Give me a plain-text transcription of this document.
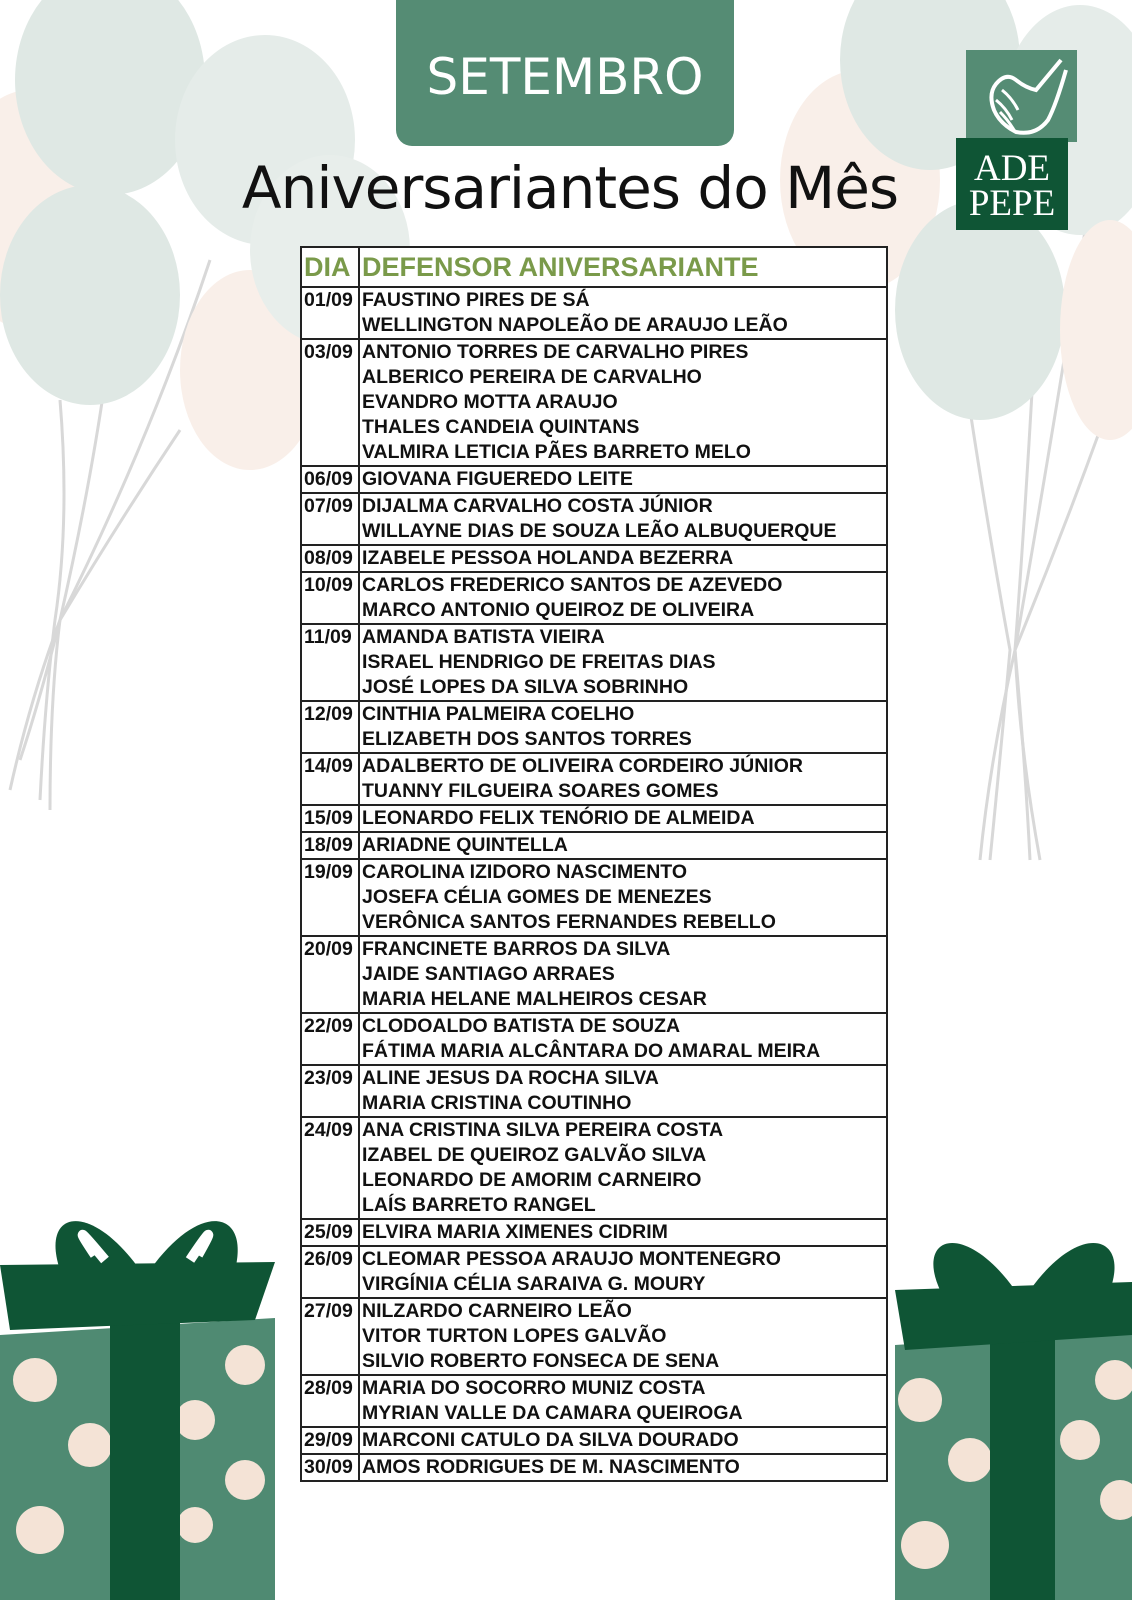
SETEMBRO
Aniversariantes do Mês	ADE
PEPE
DIA	DEFENSOR ANIVERSARIANTE
01/09	FAUSTINO PIRES DE SÁ
WELLINGTON NAPOLEÃO DE ARAUJO LEÃO

03/09	ANTONIO TORRES DE CARVALHO PIRES
ALBERICO PEREIRA DE CARVALHO
EVANDRO MOTTA ARAUJO
THALES CANDEIA QUINTANS
VALMIRA LETICIA PÃES BARRETO MELO

06/09	GIOVANA FIGUEREDO LEITE

07/09	DIJALMA CARVALHO COSTA JÚNIOR
WILLAYNE DIAS DE SOUZA LEÃO ALBUQUERQUE

08/09	IZABELE PESSOA HOLANDA BEZERRA

10/09	CARLOS FREDERICO SANTOS DE AZEVEDO
MARCO ANTONIO QUEIROZ DE OLIVEIRA

11/09	AMANDA BATISTA VIEIRA
ISRAEL HENDRIGO DE FREITAS DIAS
JOSÉ LOPES DA SILVA SOBRINHO

12/09	CINTHIA PALMEIRA COELHO
ELIZABETH DOS SANTOS TORRES

14/09	ADALBERTO DE OLIVEIRA CORDEIRO JÚNIOR
TUANNY FILGUEIRA SOARES GOMES

15/09	LEONARDO FELIX TENÓRIO DE ALMEIDA

18/09	ARIADNE QUINTELLA

19/09	CAROLINA IZIDORO NASCIMENTO
JOSEFA CÉLIA GOMES DE MENEZES
VERÔNICA SANTOS FERNANDES REBELLO

20/09	FRANCINETE BARROS DA SILVA
JAIDE SANTIAGO ARRAES
MARIA HELANE MALHEIROS CESAR

22/09	CLODOALDO BATISTA DE SOUZA
FÁTIMA MARIA ALCÂNTARA DO AMARAL MEIRA

23/09	ALINE JESUS DA ROCHA SILVA
MARIA CRISTINA COUTINHO

24/09	ANA CRISTINA SILVA PEREIRA COSTA
IZABEL DE QUEIROZ GALVÃO SILVA
LEONARDO DE AMORIM CARNEIRO
LAÍS BARRETO RANGEL

25/09	ELVIRA MARIA XIMENES CIDRIM

26/09	CLEOMAR PESSOA ARAUJO MONTENEGRO
VIRGÍNIA CÉLIA SARAIVA G. MOURY

27/09	NILZARDO CARNEIRO LEÃO
VITOR TURTON LOPES GALVÃO
SILVIO ROBERTO FONSECA DE SENA

28/09	MARIA DO SOCORRO MUNIZ COSTA
MYRIAN VALLE DA CAMARA QUEIROGA

29/09	MARCONI CATULO DA SILVA DOURADO

30/09	AMOS RODRIGUES DE M. NASCIMENTO
